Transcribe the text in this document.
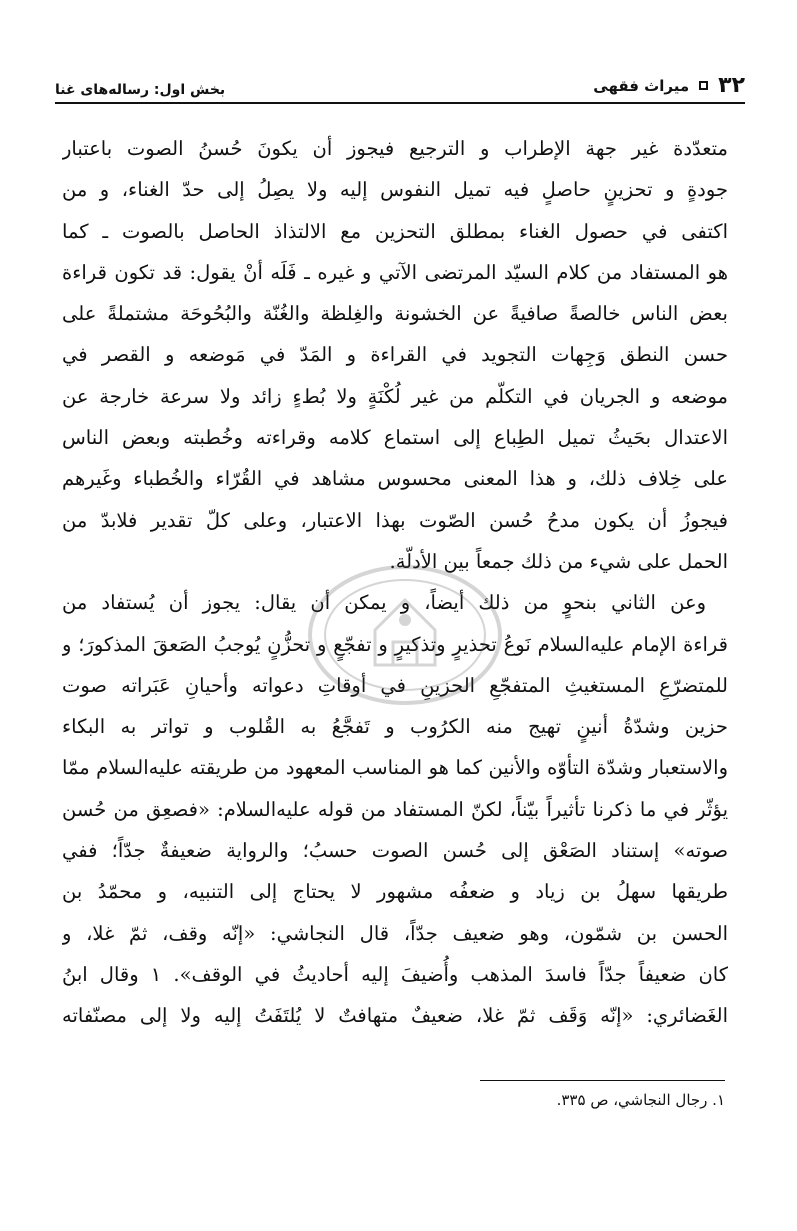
۳۲
میراث فقهی
بخش اول: رساله‌های غنا
متعدّدة غير جهة الإطراب و الترجيع فيجوز أن يكونَ حُسنُ الصوت باعتبار
جودةٍ و تحزينٍ حاصلٍ فيه تميل النفوس إليه ولا يصِلُ إلى حدّ الغناء، و من
اكتفى في حصول الغناء بمطلق التحزين مع الالتذاذ الحاصل بالصوت ـ كما
هو المستفاد من كلام السيّد المرتضى الآتي و غيره ـ فَلَه أنْ يقول: قد تكون قراءة
بعض الناس خالصةً صافيةً عن الخشونة والغِلظة والغُنّة والبُحُوحَة مشتملةً على
حسن النطق وَجِهات التجويد في القراءة و المَدّ في مَوضعه و القصر في
موضعه و الجريان في التكلّم من غير لُكْنَةٍ ولا بُطءٍ زائد ولا سرعة خارجة عن
الاعتدال بحَيثُ تميل الطِباع إلى استماع كلامه وقراءته وخُطبته وبعض الناس
على خِلاف ذلك، و هذا المعنى محسوس مشاهد في القُرّاء والخُطباء وغَيرهم
فيجوزُ أن يكون مدحُ حُسن الصّوت بهذا الاعتبار، وعلى كلّ تقدير فلابدّ من
الحمل على شيء من ذلك جمعاً بين الأدلّة.
وعن الثاني بنحوٍ من ذلك أيضاً، و يمكن أن يقال: يجوز أن يُستفاد من
قراءة الإمام عليه‌السلام نَوعُ تحذيرٍ وتذكيرٍ و تفجّعٍ و تحزُّنٍ يُوجبُ الصَعقَ المذكورَ؛ و
للمتضرّعِ المستغيثِ المتفجّعِ الحزينِ في أوقاتِ دعواته وأحيانِ عَبَراته صوت
حزين وشدّةُ أنينٍ تهيج منه الكرُوب و تَفجَّعُ به القُلوب و تواتر به البكاء
والاستعبار وشدّة التأوّه والأنين كما هو المناسب المعهود من طريقته عليه‌السلام ممّا
يؤثّر في ما ذكرنا تأثيراً بيّناً، لكنّ المستفاد من قوله عليه‌السلام: «فصعِق من حُسن
صوته» إستناد الصَعْق إلى حُسن الصوت حسبُ؛ والرواية ضعيفةٌ جدّاً؛ ففي
طريقها سهلُ بن زياد و ضعفُه مشهور لا يحتاج إلى التنبيه، و محمّدُ بن
الحسن بن شمّون، وهو ضعيف جدّاً، قال النجاشي: «إنّه وقف، ثمّ غلا، و
كان ضعيفاً جدّاً فاسدَ المذهب وأُضيفَ إليه أحاديثُ في الوقف». ۱ وقال ابنُ
الغَضائري: «إنّه وَقَف ثمّ غلا، ضعيفٌ متهافتٌ لا يُلتَفَتُ إليه ولا إلى مصنّفاته
۱. رجال النجاشي، ص ۳۳۵.
